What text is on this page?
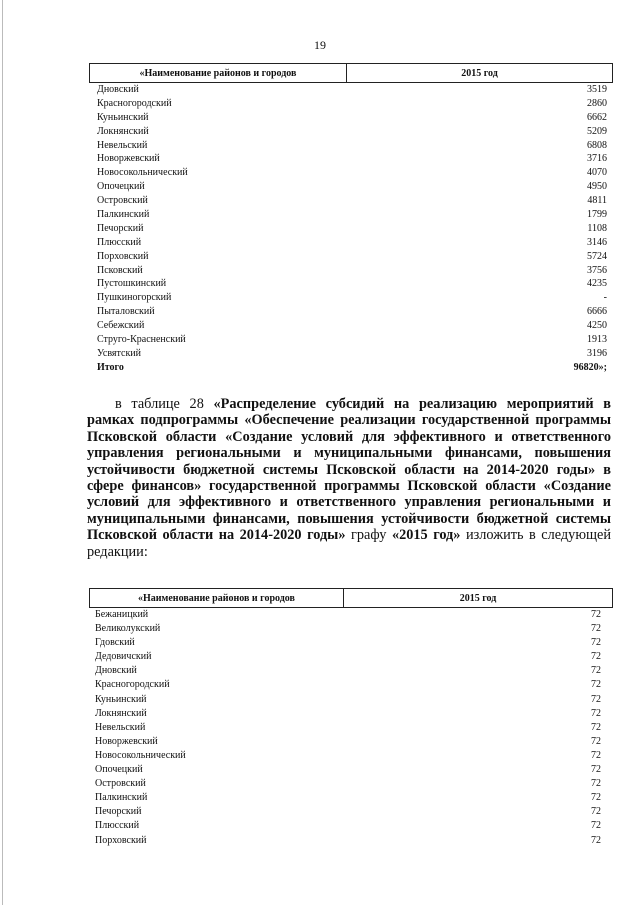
19
«Наименование районов и городов	2015 год
Дновский	3519
Красногородский	2860
Куньинский	6662
Локнянский	5209
Невельский	6808
Новоржевский	3716
Новосокольнический	4070
Опочецкий	4950
Островский	4811
Палкинский	1799
Печорский	1108
Плюсский	3146
Порховский	5724
Псковский	3756
Пустошкинский	4235
Пушкиногорский	-
Пыталовский	6666
Себежский	4250
Струго-Красненский	1913
Усвятский	3196
Итого	96820»;

в таблице 28 «Распределение субсидий на реализацию мероприятий в рамках подпрограммы «Обеспечение реализации государственной программы Псковской области «Создание условий для эффективного и ответственного управления региональными и муниципальными финансами, повышения устойчивости бюджетной системы Псковской области на 2014-2020 годы» в сфере финансов» государственной программы Псковской области «Создание условий для эффективного и ответственного управления региональными и муниципальными финансами, повышения устойчивости бюджетной системы Псковской области на 2014-2020 годы» графу «2015 год» изложить в следующей редакции:

«Наименование районов и городов	2015 год
Бежаницкий	72
Великолукский	72
Гдовский	72
Дедовичский	72
Дновский	72
Красногородский	72
Куньинский	72
Локнянский	72
Невельский	72
Новоржевский	72
Новосокольнический	72
Опочецкий	72
Островский	72
Палкинский	72
Печорский	72
Плюсский	72
Порховский	72
